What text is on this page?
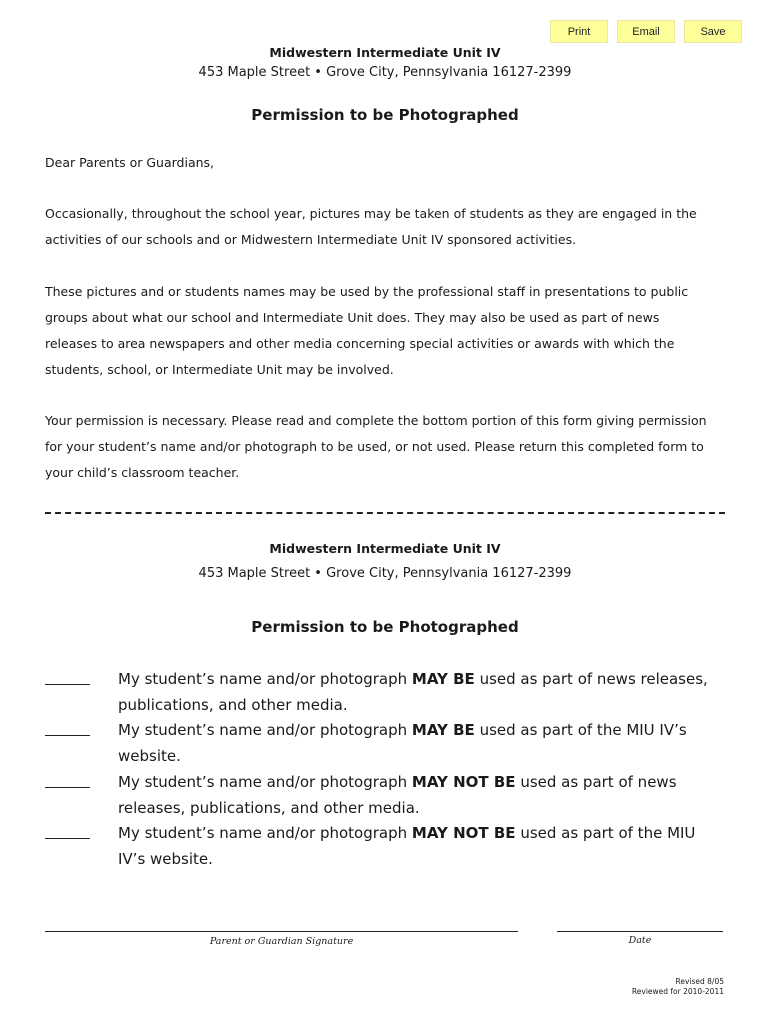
Print	Email	Save
Midwestern Intermediate Unit IV
453 Maple Street • Grove City, Pennsylvania 16127-2399
Permission to be Photographed

Dear Parents or Guardians,

Occasionally, throughout the school year, pictures may be taken of students as they are engaged in the activities of our schools and or Midwestern Intermediate Unit IV sponsored activities.

These pictures and or students names may be used by the professional staff in presentations to public groups about what our school and Intermediate Unit does. They may also be used as part of news releases to area newspapers and other media concerning special activities or awards with which the students, school, or Intermediate Unit may be involved.

Your permission is necessary. Please read and complete the bottom portion of this form giving permission for your student’s name and/or photograph to be used, or not used. Please return this completed form to your child’s classroom teacher.

Midwestern Intermediate Unit IV
453 Maple Street • Grove City, Pennsylvania 16127-2399
Permission to be Photographed
My student’s name and/or photograph MAY BE used as part of news releases, publications, and other media.
My student’s name and/or photograph MAY BE used as part of the MIU IV’s website.
My student’s name and/or photograph MAY NOT BE used as part of news releases, publications, and other media.
My student’s name and/or photograph MAY NOT BE used as part of the MIU IV’s website.
Parent or Guardian Signature	Date
Revised 8/05
Reviewed for 2010-2011
